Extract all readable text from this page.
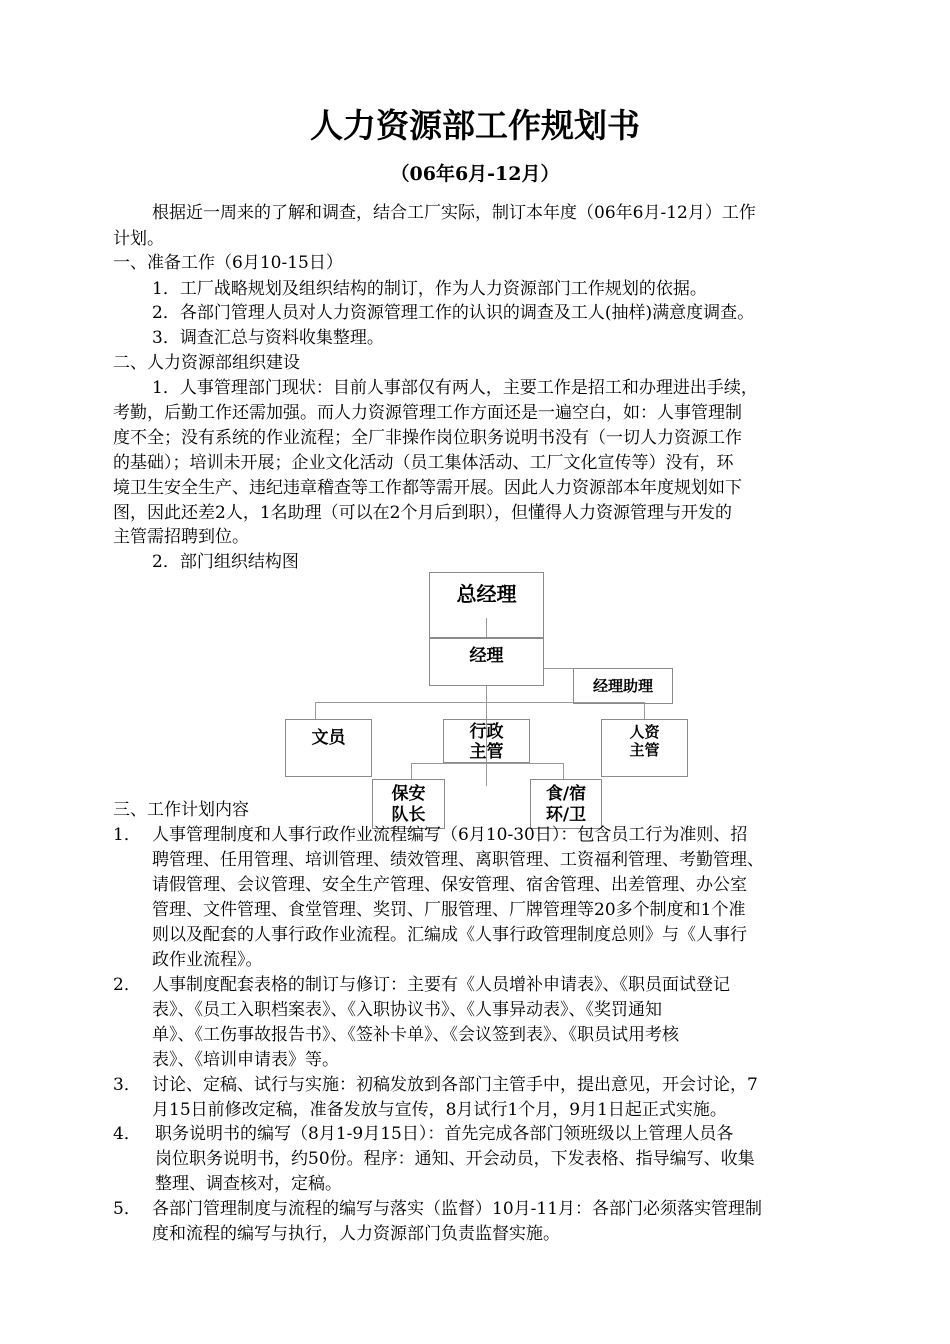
人力资源部工作规划书
（06年6月-12月）
根据近一周来的了解和调查，结合工厂实际，制订本年度（06年6月-12月）工作
计划。
一、准备工作（6月10-15日）
1．工厂战略规划及组织结构的制订，作为人力资源部门工作规划的依据。
2．各部门管理人员对人力资源管理工作的认识的调查及工人(抽样)满意度调查。
3．调查汇总与资料收集整理。
二、人力资源部组织建设
1．人事管理部门现状：目前人事部仅有两人，主要工作是招工和办理进出手续，
考勤，后勤工作还需加强。而人力资源管理工作方面还是一遍空白，如：人事管理制
度不全；没有系统的作业流程；全厂非操作岗位职务说明书没有（一切人力资源工作
的基础）；培训未开展；企业文化活动（员工集体活动、工厂文化宣传等）没有，环
境卫生安全生产、违纪违章稽查等工作都等需开展。因此人力资源部本年度规划如下
图，因此还差2人，1名助理（可以在2个月后到职），但懂得人力资源管理与开发的
主管需招聘到位。
2．部门组织结构图
总经理
经理
经理助理
文员	行政
主管
人资
主管
保安
队长
食/宿
环/卫
三、工作计划内容
1． 人事管理制度和人事行政作业流程编写（6月10-30日）：包含员工行为准则、招
聘管理、任用管理、培训管理、绩效管理、离职管理、工资福利管理、考勤管理、
请假管理、会议管理、安全生产管理、保安管理、宿舍管理、出差管理、办公室
管理、文件管理、食堂管理、奖罚、厂服管理、厂牌管理等20多个制度和1个准
则以及配套的人事行政作业流程。汇编成《人事行政管理制度总则》与《人事行
政作业流程》。
2． 人事制度配套表格的制订与修订：主要有《人员增补申请表》、《职员面试登记
表》、《员工入职档案表》、《入职协议书》、《人事异动表》、《奖罚通知
单》、《工伤事故报告书》、《签补卡单》、《会议签到表》、《职员试用考核
表》、《培训申请表》等。
3． 讨论、定稿、试行与实施：初稿发放到各部门主管手中，提出意见，开会讨论，7
月15日前修改定稿，准备发放与宣传，8月试行1个月，9月1日起正式实施。
4． 职务说明书的编写（8月1-9月15日）：首先完成各部门领班级以上管理人员各
岗位职务说明书，约50份。程序：通知、开会动员，下发表格、指导编写、收集
整理、调查核对，定稿。
5． 各部门管理制度与流程的编写与落实（监督）10月-11月：各部门必须落实管理制
度和流程的编写与执行，人力资源部门负责监督实施。
